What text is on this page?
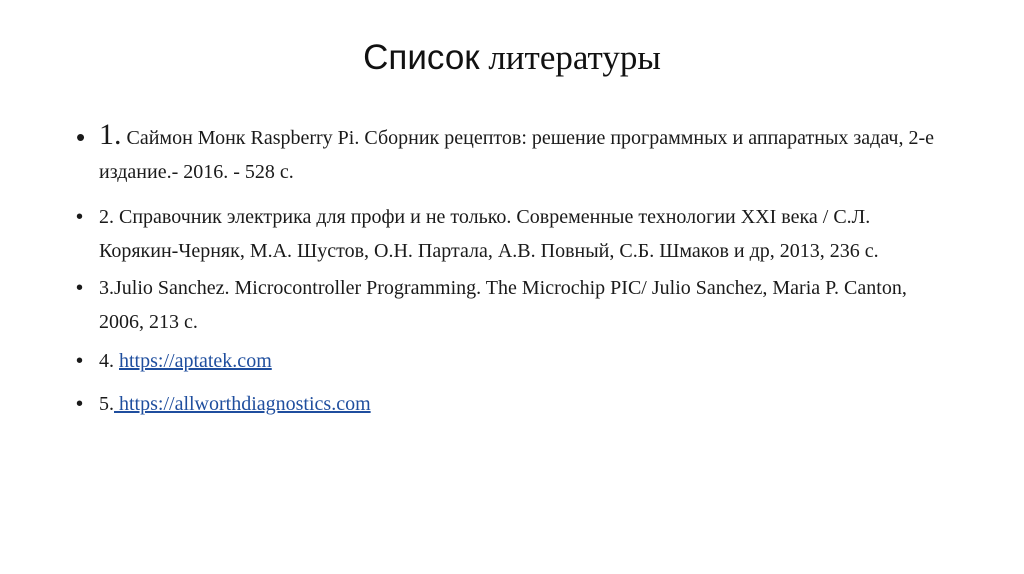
Список литературы
• 1. Саймон Монк Raspberry Pi. Сборник рецептов: решение программных и аппаратных задач, 2-е издание.- 2016. - 528 с.
• 2. Справочник электрика для профи и не только. Современные технологии XXI века / С.Л. Корякин-Черняк, М.А. Шустов, О.Н. Партала, А.В. Повный, С.Б. Шмаков и др, 2013, 236 с.
• 3.Julio Sanchez. Microcontroller Programming. The Microchip PIC/ Julio Sanchez, Maria P. Canton, 2006, 213 c.
• 4. https://aptatek.com
• 5. https://allworthdiagnostics.com
